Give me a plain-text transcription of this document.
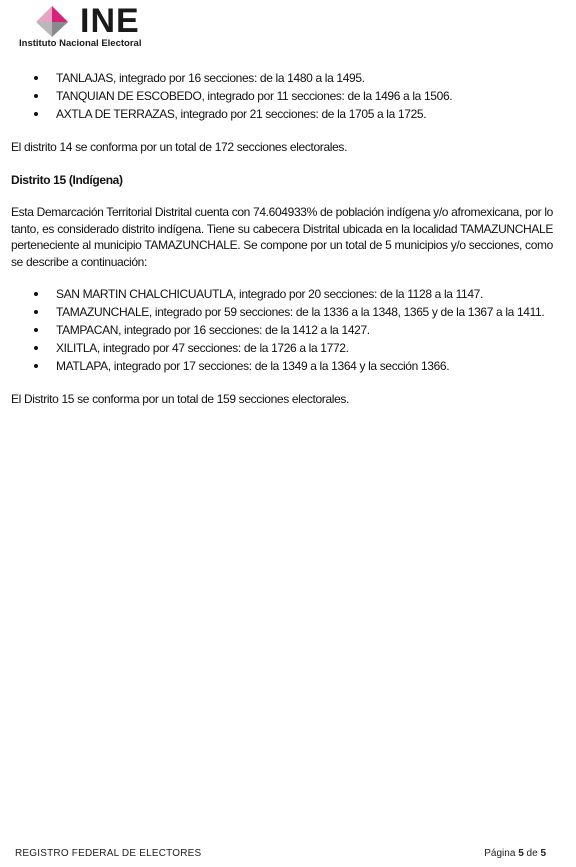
INE
Instituto Nacional Electoral
TANLAJAS, integrado por 16 secciones: de la 1480 a la 1495.
TANQUIAN DE ESCOBEDO, integrado por 11 secciones: de la 1496 a la 1506.
AXTLA DE TERRAZAS, integrado por 21 secciones: de la 1705 a la 1725.

El distrito 14 se conforma por un total de 172 secciones electorales.

Distrito 15 (Indígena)

Esta Demarcación Territorial Distrital cuenta con 74.604933% de población indígena y/o afromexicana, por lo tanto, es considerado distrito indígena. Tiene su cabecera Distrital ubicada en la localidad TAMAZUNCHALE perteneciente al municipio TAMAZUNCHALE. Se compone por un total de 5 municipios y/o secciones, como se describe a continuación:

SAN MARTIN CHALCHICUAUTLA, integrado por 20 secciones: de la 1128 a la 1147.
TAMAZUNCHALE, integrado por 59 secciones: de la 1336 a la 1348, 1365 y de la 1367 a la 1411.
TAMPACAN, integrado por 16 secciones: de la 1412 a la 1427.
XILITLA, integrado por 47 secciones: de la 1726 a la 1772.
MATLAPA, integrado por 17 secciones: de la 1349 a la 1364 y la sección 1366.

El Distrito 15 se conforma por un total de 159 secciones electorales.

REGISTRO FEDERAL DE ELECTORES	Página 5 de 5
